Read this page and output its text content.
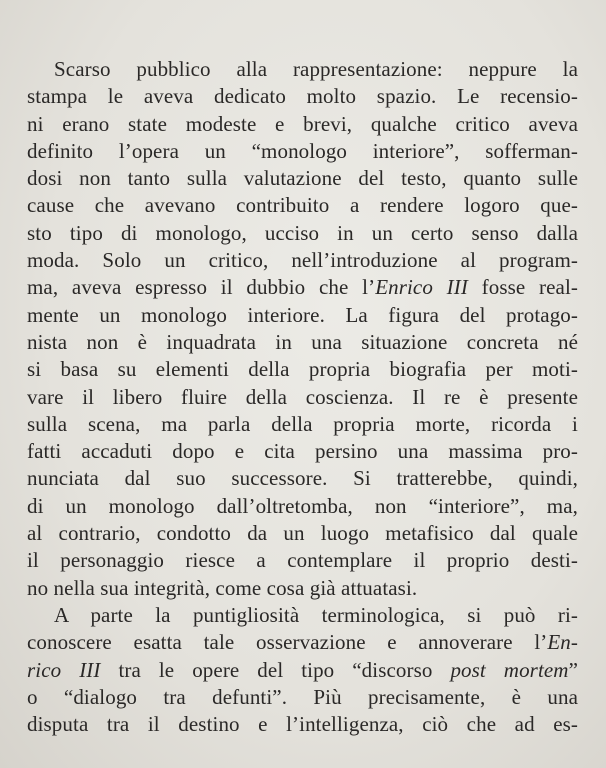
Scarso pubblico alla rappresentazione: neppure la
stampa le aveva dedicato molto spazio. Le recensio-
ni erano state modeste e brevi, qualche critico aveva
definito l’opera un “monologo interiore”, sofferman-
dosi non tanto sulla valutazione del testo, quanto sulle
cause che avevano contribuito a rendere logoro que-
sto tipo di monologo, ucciso in un certo senso dalla
moda. Solo un critico, nell’introduzione al program-
ma, aveva espresso il dubbio che l’Enrico III fosse real-
mente un monologo interiore. La figura del protago-
nista non è inquadrata in una situazione concreta né
si basa su elementi della propria biografia per moti-
vare il libero fluire della coscienza. Il re è presente
sulla scena, ma parla della propria morte, ricorda i
fatti accaduti dopo e cita persino una massima pro-
nunciata dal suo successore. Si tratterebbe, quindi,
di un monologo dall’oltretomba, non “interiore”, ma,
al contrario, condotto da un luogo metafisico dal quale
il personaggio riesce a contemplare il proprio desti-
no nella sua integrità, come cosa già attuatasi.
A parte la puntigliosità terminologica, si può ri-
conoscere esatta tale osservazione e annoverare l’En-
rico III tra le opere del tipo “discorso post mortem”
o “dialogo tra defunti”. Più precisamente, è una
disputa tra il destino e l’intelligenza, ciò che ad es-
